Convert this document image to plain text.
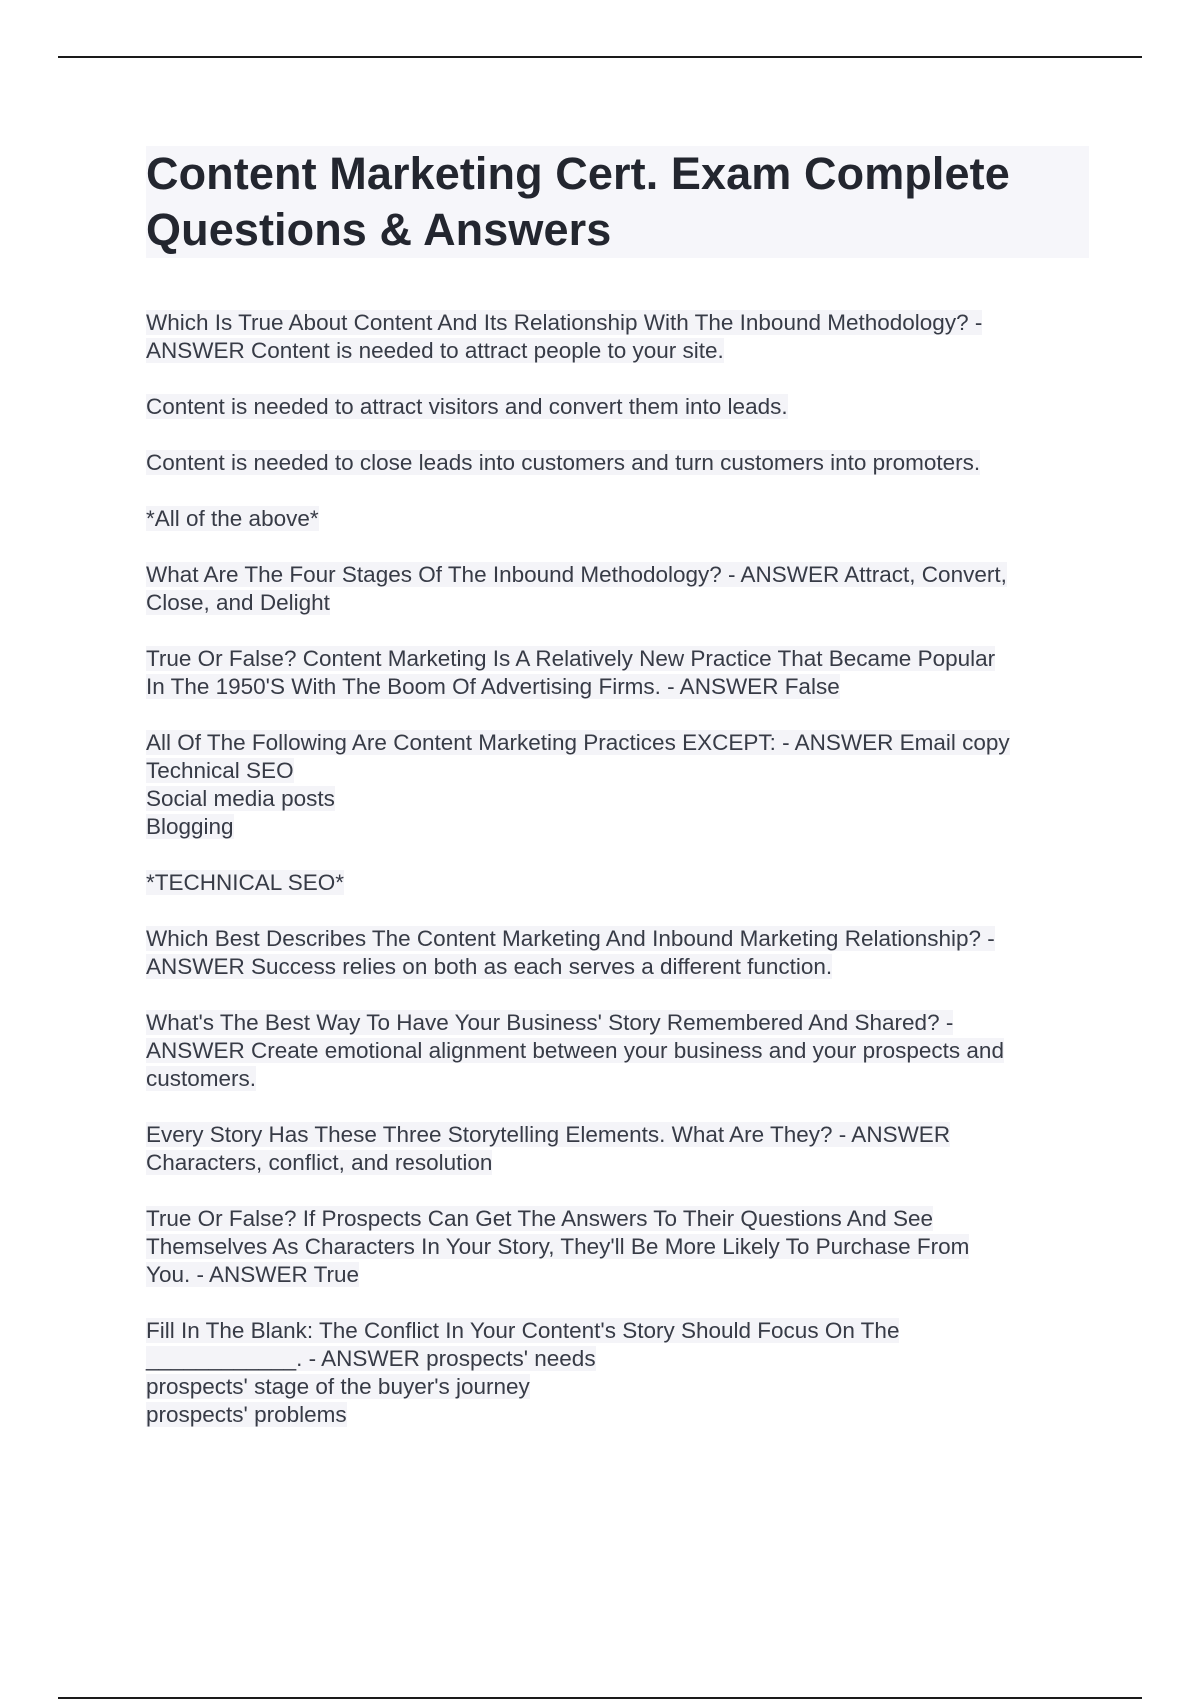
Content Marketing Cert. Exam Complete
Questions & Answers

Which Is True About Content And Its Relationship With The Inbound Methodology? -
ANSWER Content is needed to attract people to your site.

Content is needed to attract visitors and convert them into leads.

Content is needed to close leads into customers and turn customers into promoters.

*All of the above*

What Are The Four Stages Of The Inbound Methodology? - ANSWER Attract, Convert,
Close, and Delight

True Or False? Content Marketing Is A Relatively New Practice That Became Popular
In The 1950'S With The Boom Of Advertising Firms. - ANSWER False

All Of The Following Are Content Marketing Practices EXCEPT: - ANSWER Email copy
Technical SEO
Social media posts
Blogging

*TECHNICAL SEO*

Which Best Describes The Content Marketing And Inbound Marketing Relationship? -
ANSWER Success relies on both as each serves a different function.

What's The Best Way To Have Your Business' Story Remembered And Shared? -
ANSWER Create emotional alignment between your business and your prospects and
customers.

Every Story Has These Three Storytelling Elements. What Are They? - ANSWER
Characters, conflict, and resolution

True Or False? If Prospects Can Get The Answers To Their Questions And See
Themselves As Characters In Your Story, They'll Be More Likely To Purchase From
You. - ANSWER True

Fill In The Blank: The Conflict In Your Content's Story Should Focus On The
____________. - ANSWER prospects' needs
prospects' stage of the buyer's journey
prospects' problems
